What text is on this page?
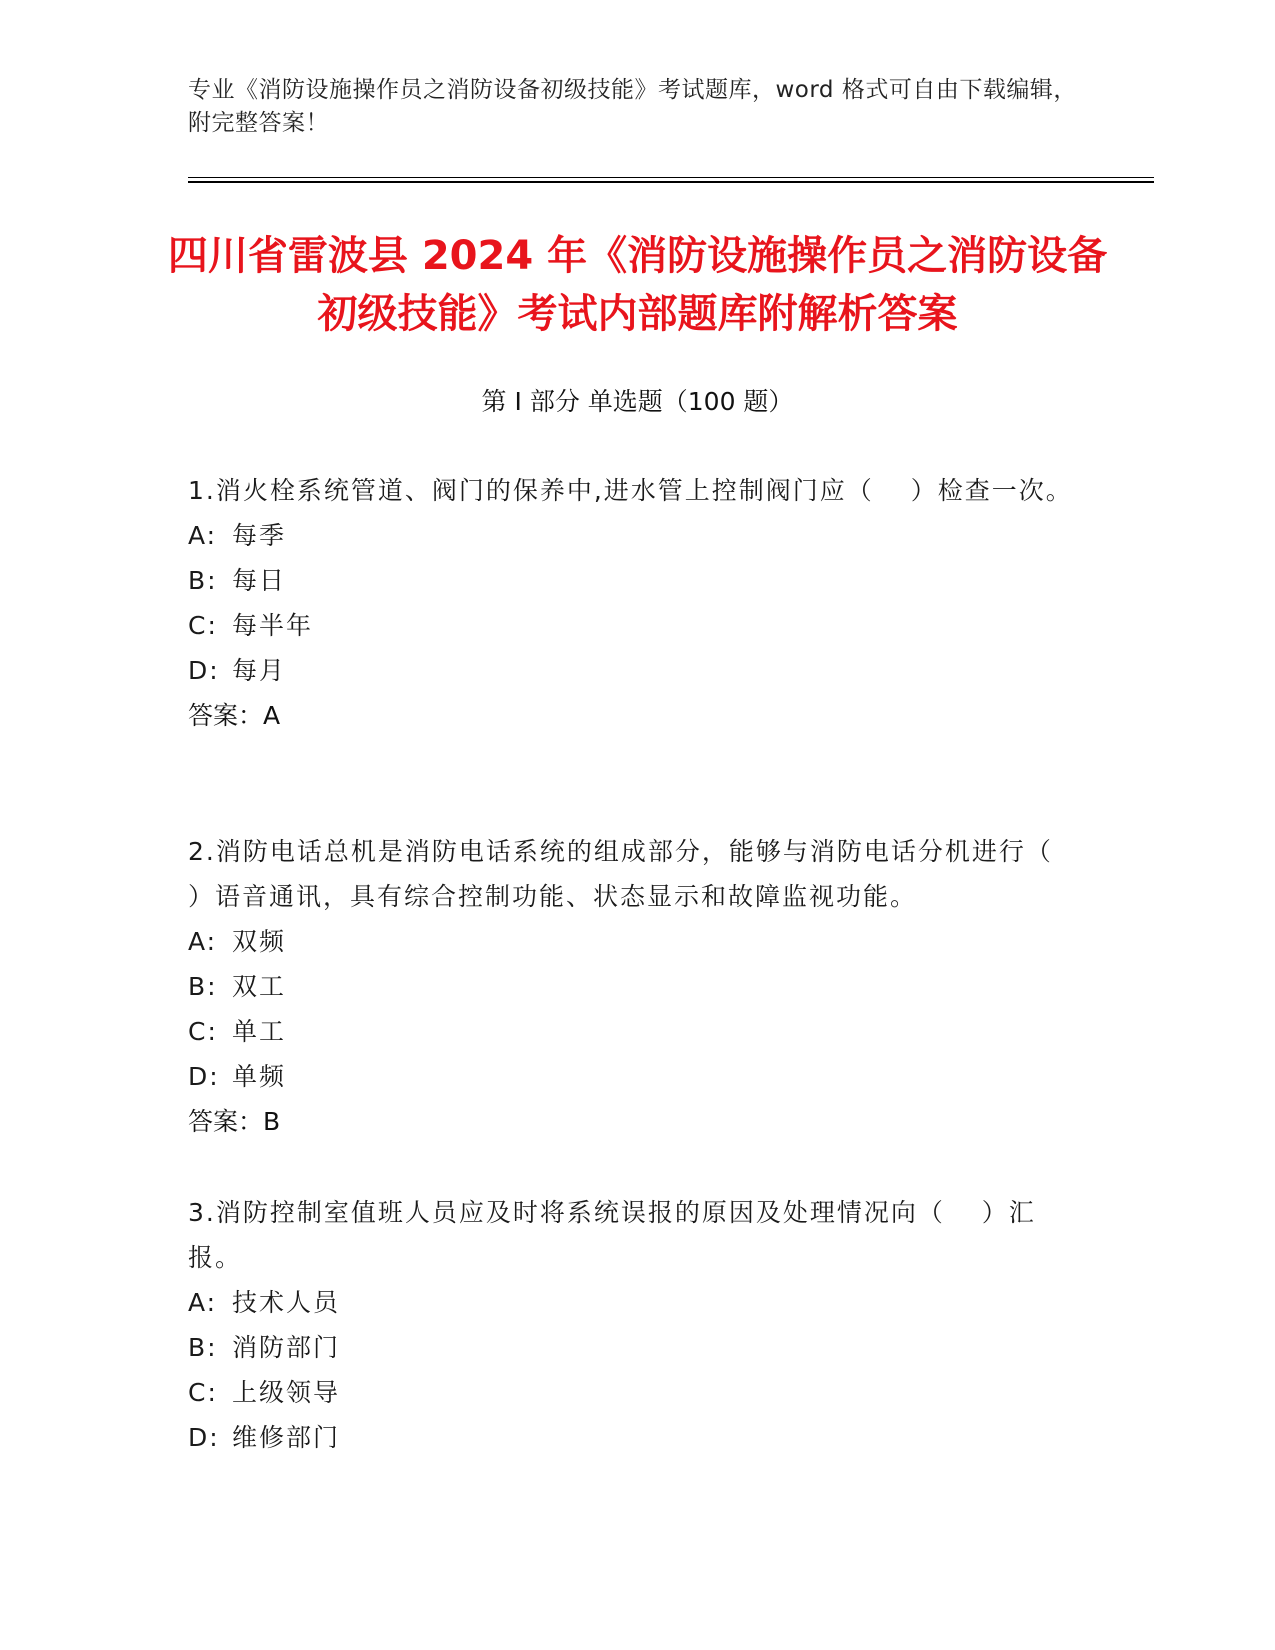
专业《消防设施操作员之消防设备初级技能》考试题库，word 格式可自由下载编辑，附完整答案！
四川省雷波县 2024 年《消防设施操作员之消防设备初级技能》考试内部题库附解析答案
第 I 部分 单选题（100 题）
1.消火栓系统管道、阀门的保养中,进水管上控制阀门应（　 ）检查一次。
A: 每季
B: 每日
C: 每半年
D: 每月
答案：A
2.消防电话总机是消防电话系统的组成部分，能够与消防电话分机进行（　 ）语音通讯，具有综合控制功能、状态显示和故障监视功能。
A: 双频
B: 双工
C: 单工
D: 单频
答案：B
3.消防控制室值班人员应及时将系统误报的原因及处理情况向（　 ）汇报。
A: 技术人员
B: 消防部门
C: 上级领导
D: 维修部门
